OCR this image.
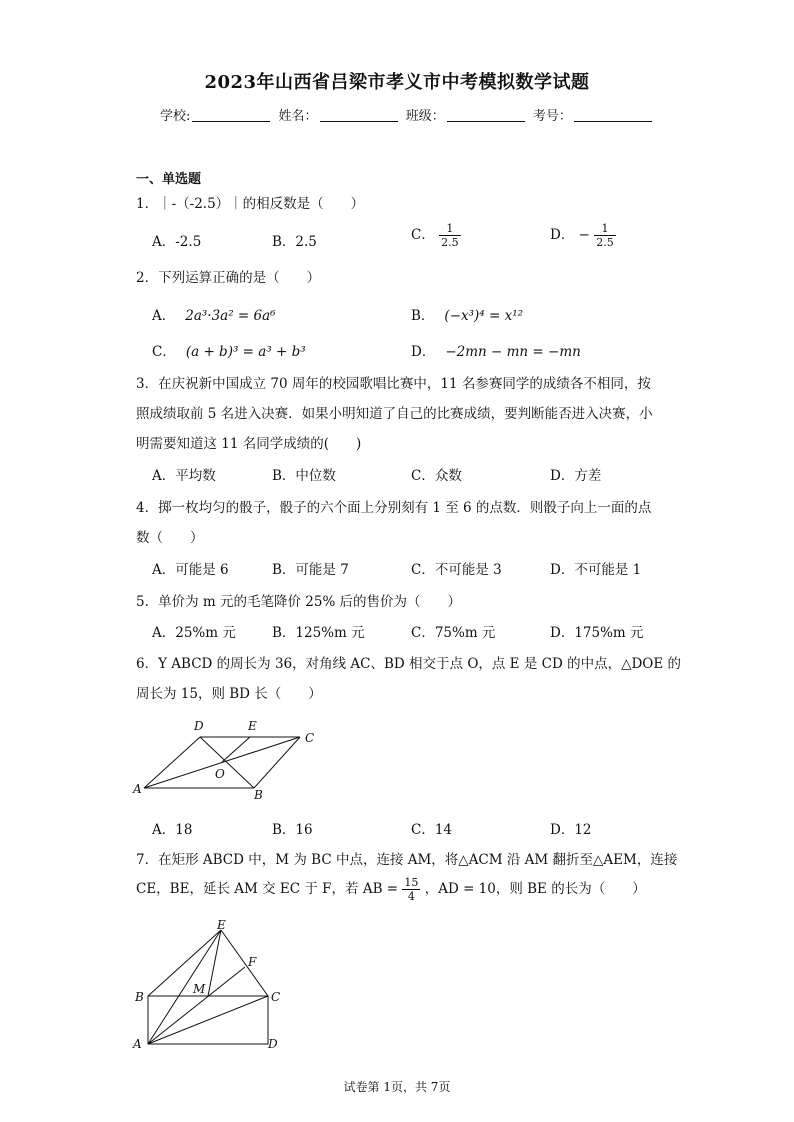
2023年山西省吕梁市孝义市中考模拟数学试题
学校:	姓名：	班级：	考号：
一、单选题
1．｜-（-2.5）｜的相反数是（　　）
A．-2.5	B．2.5	C． $\frac{1}{2.5}$	D． − $\frac{1}{2.5}$
2．下列运算正确的是（　　）
A． 2a³·3a² = 6a⁶	B． (−x³)⁴ = x¹²
C． (a + b)³ = a³ + b³	D． −2mn − mn = −mn
3．在庆祝新中国成立 70 周年的校园歌唱比赛中，11 名参赛同学的成绩各不相同，按
照成绩取前 5 名进入决赛．如果小明知道了自己的比赛成绩，要判断能否进入决赛，小
明需要知道这 11 名同学成绩的(　　)
A．平均数	B．中位数	C．众数	D．方差
4．掷一枚均匀的骰子，骰子的六个面上分别刻有 1 至 6 的点数．则骰子向上一面的点
数（　　）
A．可能是 6	B．可能是 7	C．不可能是 3	D．不可能是 1
5．单价为 m 元的毛笔降价 25% 后的售价为（　　）
A．25%m 元	B．125%m 元	C．75%m 元	D．175%m 元
6．Y ABCD 的周长为 36，对角线 AC、BD 相交于点 O，点 E 是 CD 的中点，△DOE 的
周长为 15，则 BD 长（　　）
A	B
C
D	E
O
A．18	B．16	C．14	D．12
7．在矩形 ABCD 中，M 为 BC 中点，连接 AM，将△ACM 沿 AM 翻折至△AEM，连接
CE，BE，延长 AM 交 EC 于 F，若 AB = $\frac{15}{4}$ ，AD = 10，则 BE 的长为（　　）
A
B	C
D
E
F
M
试卷第 1页，共 7页
